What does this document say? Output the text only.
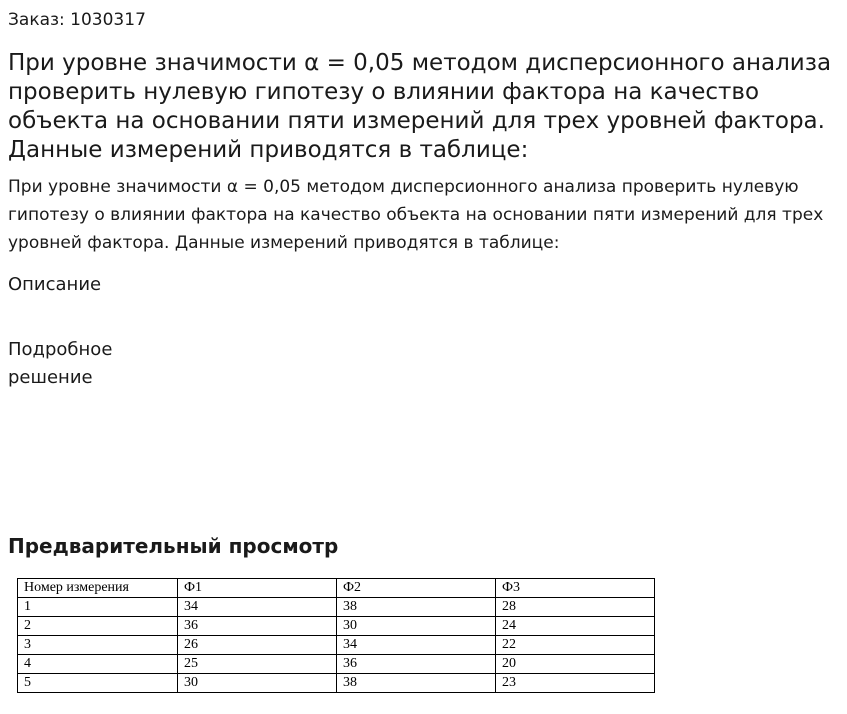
Заказ: 1030317
При уровне значимости α = 0,05 методом дисперсионного анализа проверить нулевую гипотезу о влиянии фактора на качество объекта на основании пяти измерений для трех уровней фактора. Данные измерений приводятся в таблице:
При уровне значимости α = 0,05 методом дисперсионного анализа проверить нулевую гипотезу о влиянии фактора на качество объекта на основании пяти измерений для трех уровней фактора. Данные измерений приводятся в таблице:
Описание
Подробное решение
Предварительный просмотр
Номер измерения	Ф1	Ф2	Ф3
1	34	38	28
2	36	30	24
3	26	34	22
4	25	36	20
5	30	38	23
